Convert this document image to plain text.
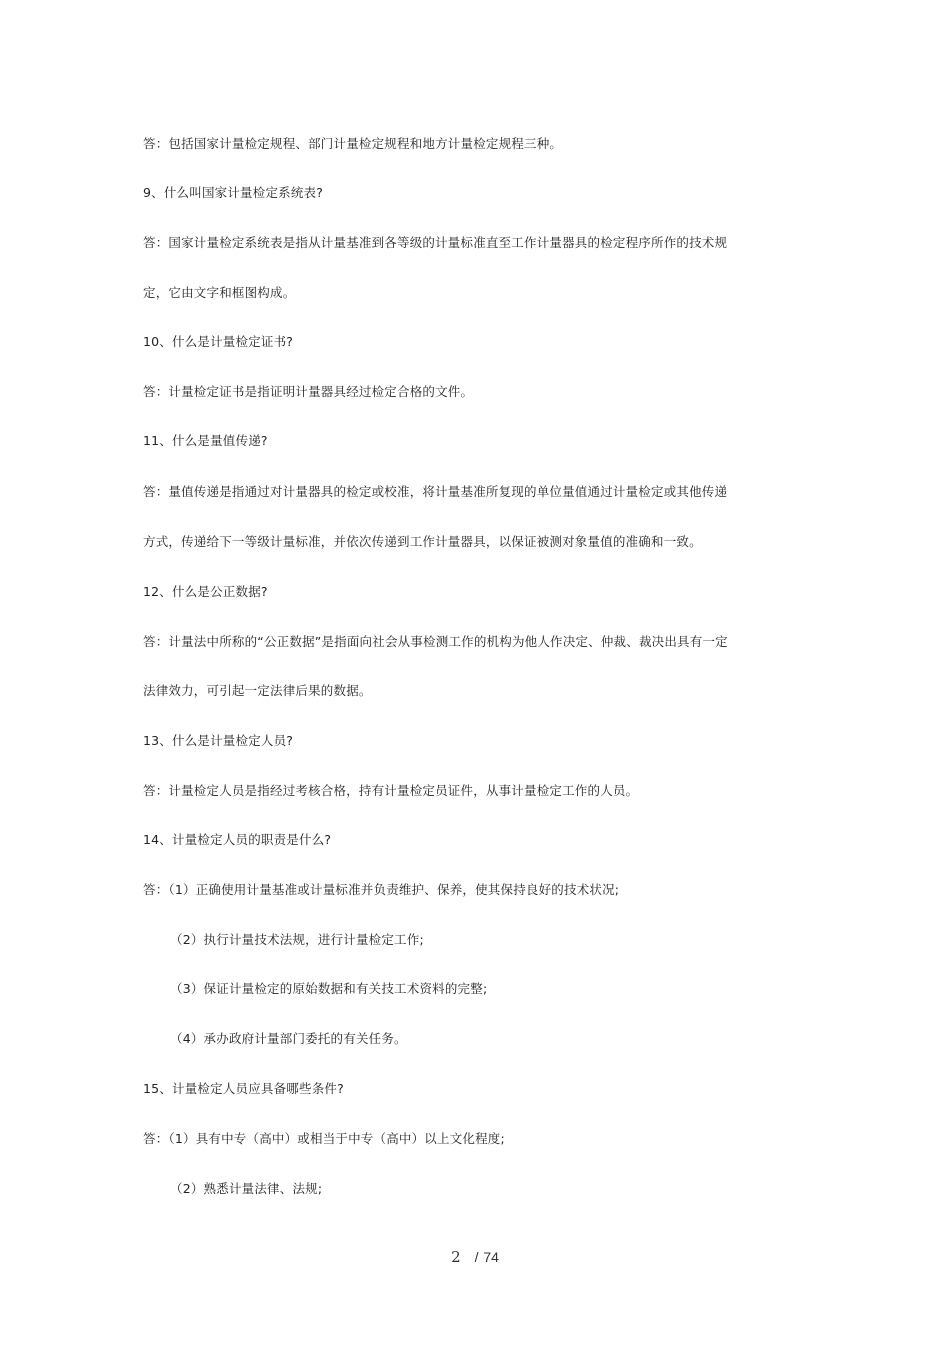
答：包括国家计量检定规程、部门计量检定规程和地方计量检定规程三种。
9、什么叫国家计量检定系统表?
答：国家计量检定系统表是指从计量基准到各等级的计量标准直至工作计量器具的检定程序所作的技术规
定，它由文字和框图构成。
10、什么是计量检定证书?
答：计量检定证书是指证明计量器具经过检定合格的文件。
11、什么是量值传递?
答：量值传递是指通过对计量器具的检定或校准，将计量基准所复现的单位量值通过计量检定或其他传递
方式，传递给下一等级计量标准，并依次传递到工作计量器具，以保证被测对象量值的准确和一致。
12、什么是公正数据?
答：计量法中所称的“公正数据”是指面向社会从事检测工作的机构为他人作决定、仲裁、裁决出具有一定
法律效力，可引起一定法律后果的数据。
13、什么是计量检定人员?
答：计量检定人员是指经过考核合格，持有计量检定员证件，从事计量检定工作的人员。
14、计量检定人员的职责是什么?
答：（1）正确使用计量基准或计量标准并负责维护、保养，使其保持良好的技术状况;
（2）执行计量技术法规，进行计量检定工作;
（3）保证计量检定的原始数据和有关技工术资料的完整;
（4）承办政府计量部门委托的有关任务。
15、计量检定人员应具备哪些条件?
答：（1）具有中专（高中）或相当于中专（高中）以上文化程度;
（2）熟悉计量法律、法规;
2 / 74
